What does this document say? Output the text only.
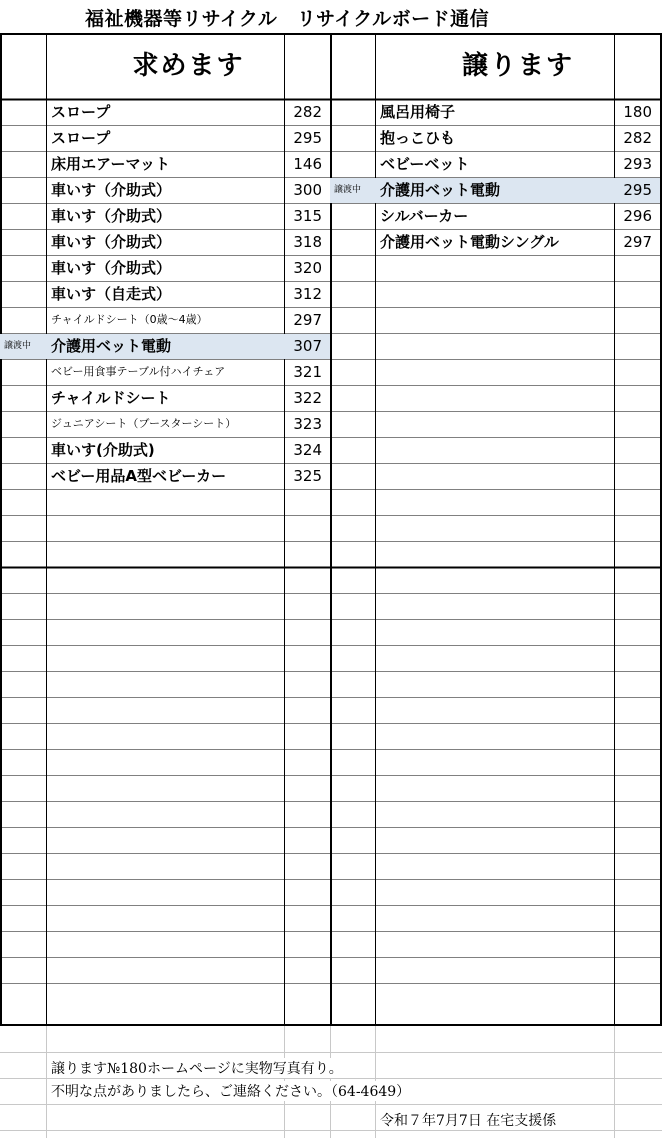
福祉機器等リサイクル　リサイクルボード通信
求めます	譲ります
スロープ	282
スロープ	295
床用エアーマット	146
車いす（介助式）	300
車いす（介助式）	315
車いす（介助式）	318
車いす（介助式）	320
車いす（自走式）	312
チャイルドシート（0歳～4歳）	297
譲渡中 介護用ベット電動	307
ベビー用食事テーブル付ハイチェア	321
チャイルドシート	322
ジュニアシート（ブースターシート）	323
車いす(介助式)	324
ベビー用品A型ベビーカー	325
風呂用椅子	180
抱っこひも	282
ベビーベット	293
譲渡中 介護用ベット電動	295
シルバーカー	296
介護用ベット電動シングル	297
譲ります№180ホームページに実物写真有り。
不明な点がありましたら、ご連絡ください。（64-4649）
令和７年7月7日 在宅支援係
